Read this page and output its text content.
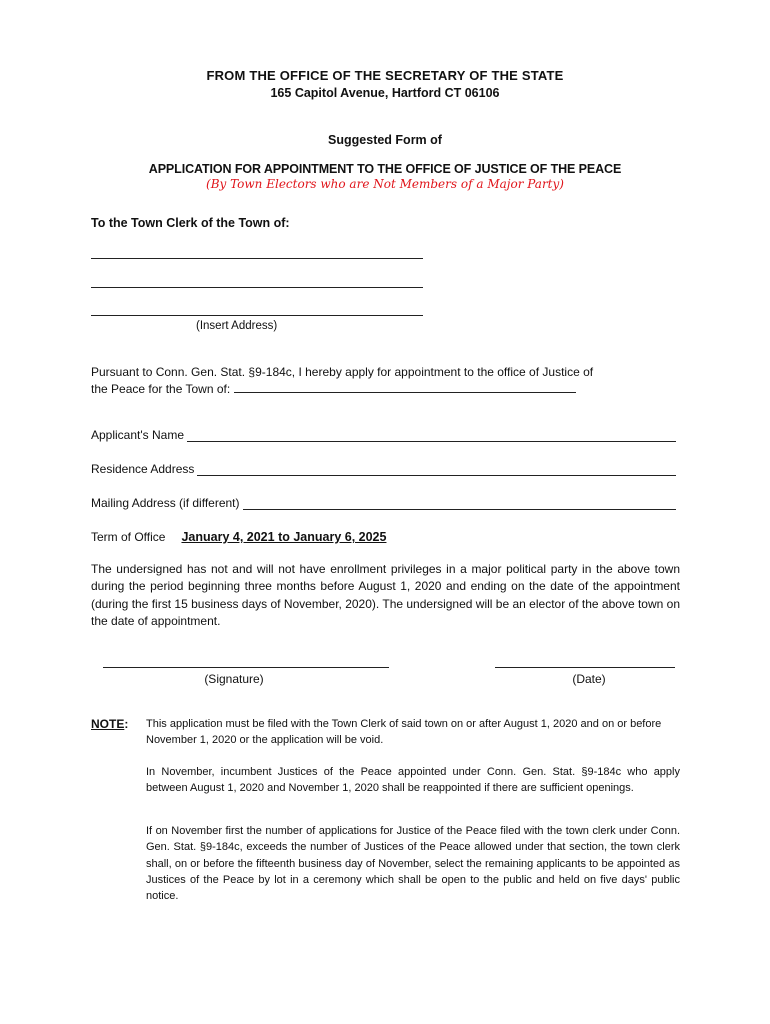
FROM THE OFFICE OF THE SECRETARY OF THE STATE
165 Capitol Avenue, Hartford CT 06106
Suggested Form of
APPLICATION FOR APPOINTMENT TO THE OFFICE OF JUSTICE OF THE PEACE
(By Town Electors who are Not Members of a Major Party)
To the Town Clerk of the Town of:
(Insert Address)
Pursuant to Conn. Gen. Stat. §9-184c, I hereby apply for appointment to the office of Justice of
the Peace for the Town of:
Applicant's Name
Residence Address
Mailing Address (if different)
Term of Office January 4, 2021 to January 6, 2025
The undersigned has not and will not have enrollment privileges in a major political party in the above town during the period beginning three months before August 1, 2020 and ending on the date of the appointment (during the first 15 business days of November, 2020). The undersigned will be an elector of the above town on the date of appointment.
(Signature)	(Date)
NOTE: This application must be filed with the Town Clerk of said town on or after August 1, 2020 and on or before November 1, 2020 or the application will be void.
In November, incumbent Justices of the Peace appointed under Conn. Gen. Stat. §9-184c who apply between August 1, 2020 and November 1, 2020 shall be reappointed if there are sufficient openings.
If on November first the number of applications for Justice of the Peace filed with the town clerk under Conn. Gen. Stat. §9-184c, exceeds the number of Justices of the Peace allowed under that section, the town clerk shall, on or before the fifteenth business day of November, select the remaining applicants to be appointed as Justices of the Peace by lot in a ceremony which shall be open to the public and held on five days' public notice.
